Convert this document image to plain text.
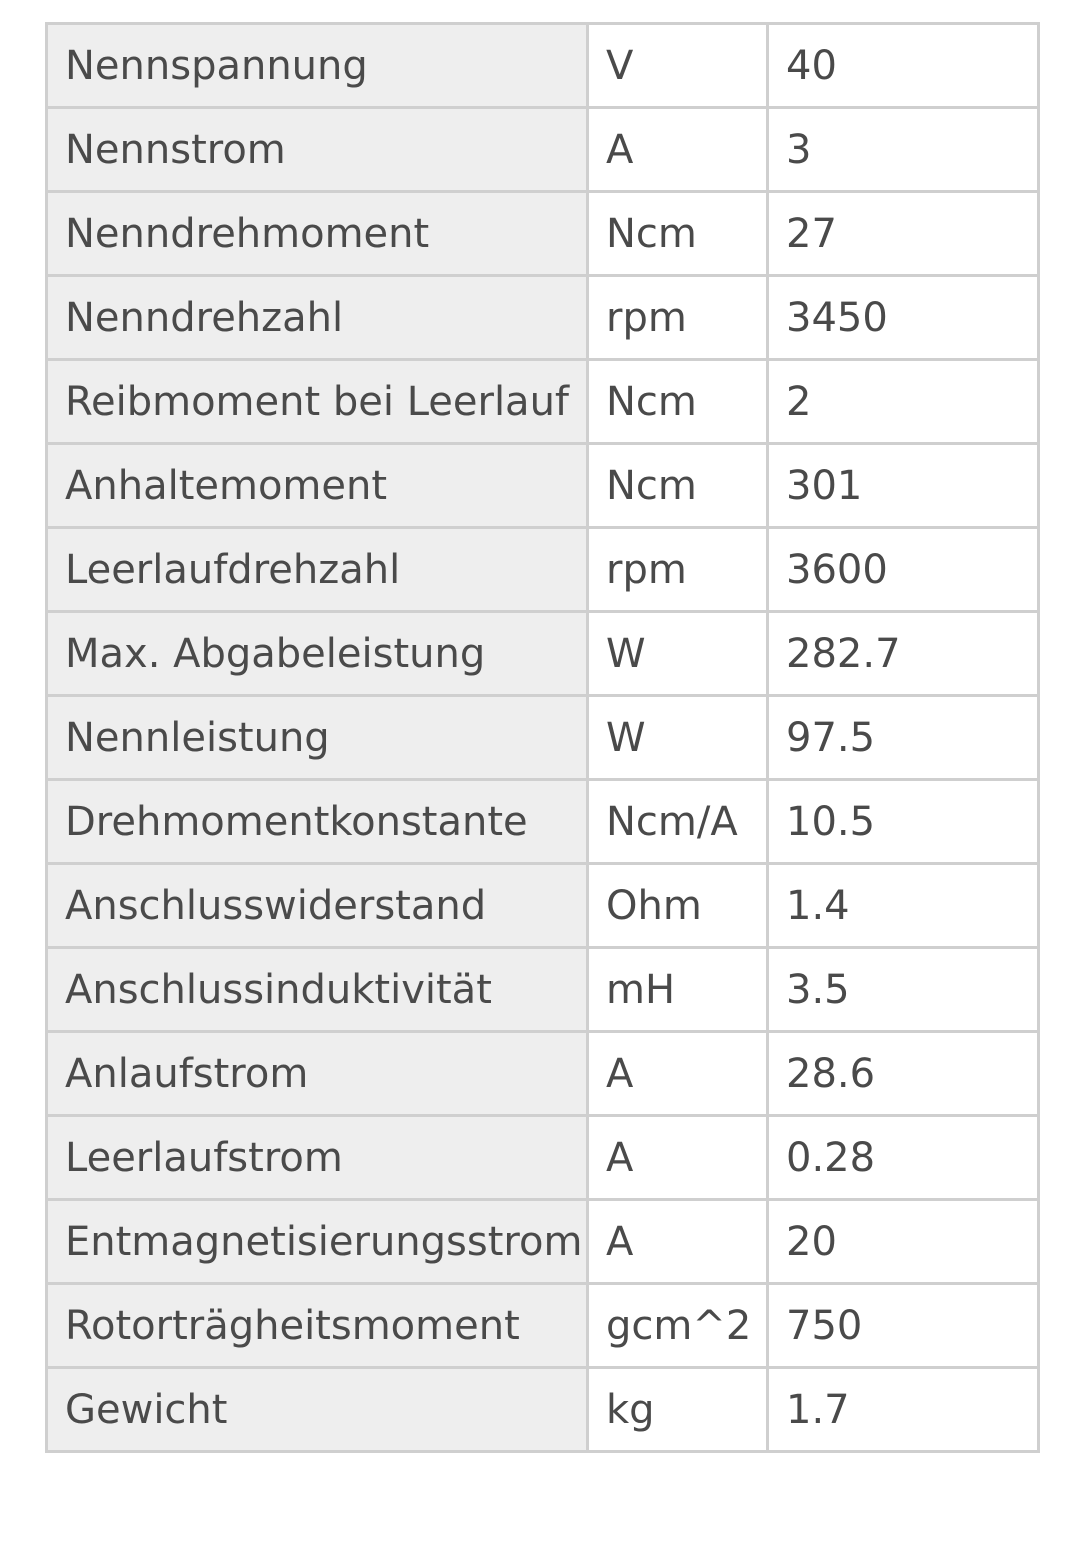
Nennspannung	V	40
Nennstrom	A	3
Nenndrehmoment	Ncm	27
Nenndrehzahl	rpm	3450
Reibmoment bei Leerlauf	Ncm	2
Anhaltemoment	Ncm	301
Leerlaufdrehzahl	rpm	3600
Max. Abgabeleistung	W	282.7
Nennleistung	W	97.5
Drehmomentkonstante	Ncm/A	10.5
Anschlusswiderstand	Ohm	1.4
Anschlussinduktivität	mH	3.5
Anlaufstrom	A	28.6
Leerlaufstrom	A	0.28
Entmagnetisierungsstrom	A	20
Rotorträgheitsmoment	gcm^2	750
Gewicht	kg	1.7
